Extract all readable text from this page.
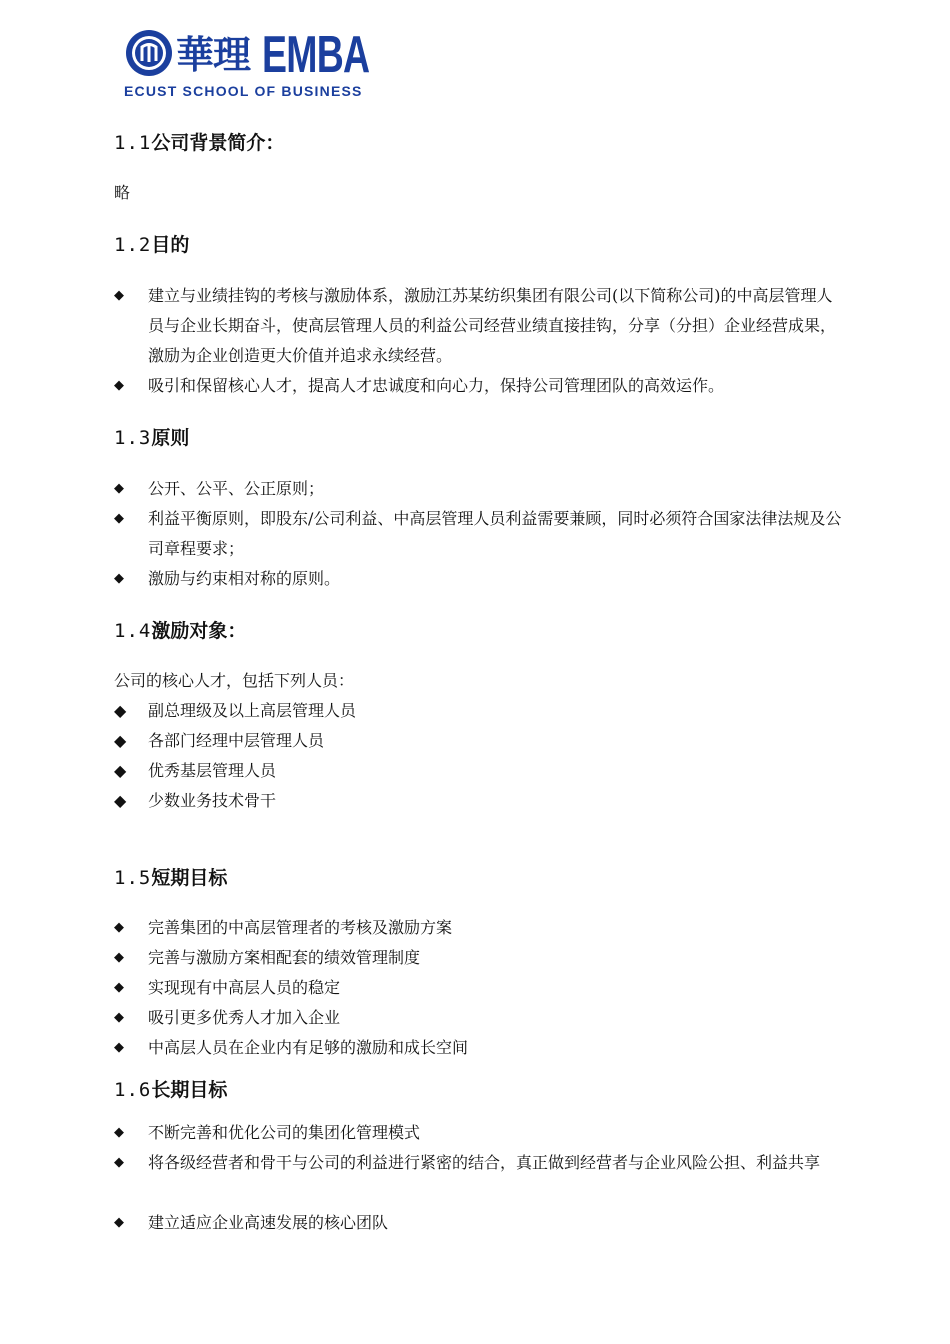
華理 EMBA
ECUST SCHOOL OF BUSINESS
1.1公司背景简介：
略
1.2目的
◆	建立与业绩挂钩的考核与激励体系，激励江苏某纺织集团有限公司(以下简称公司)的中高层管理人员与企业长期奋斗，使高层管理人员的利益公司经营业绩直接挂钩，分享（分担）企业经营成果，激励为企业创造更大价值并追求永续经营。
◆	吸引和保留核心人才，提高人才忠诚度和向心力，保持公司管理团队的高效运作。
1.3原则
◆	公开、公平、公正原则；
◆	利益平衡原则，即股东/公司利益、中高层管理人员利益需要兼顾，同时必须符合国家法律法规及公司章程要求；
◆	激励与约束相对称的原则。
1.4激励对象：
公司的核心人才，包括下列人员：
◆	副总理级及以上高层管理人员
◆	各部门经理中层管理人员
◆	优秀基层管理人员
◆	少数业务技术骨干
1.5短期目标
◆	完善集团的中高层管理者的考核及激励方案
◆	完善与激励方案相配套的绩效管理制度
◆	实现现有中高层人员的稳定
◆	吸引更多优秀人才加入企业
◆	中高层人员在企业内有足够的激励和成长空间
1.6长期目标
◆	不断完善和优化公司的集团化管理模式
◆	将各级经营者和骨干与公司的利益进行紧密的结合，真正做到经营者与企业风险公担、利益共享
◆	建立适应企业高速发展的核心团队
